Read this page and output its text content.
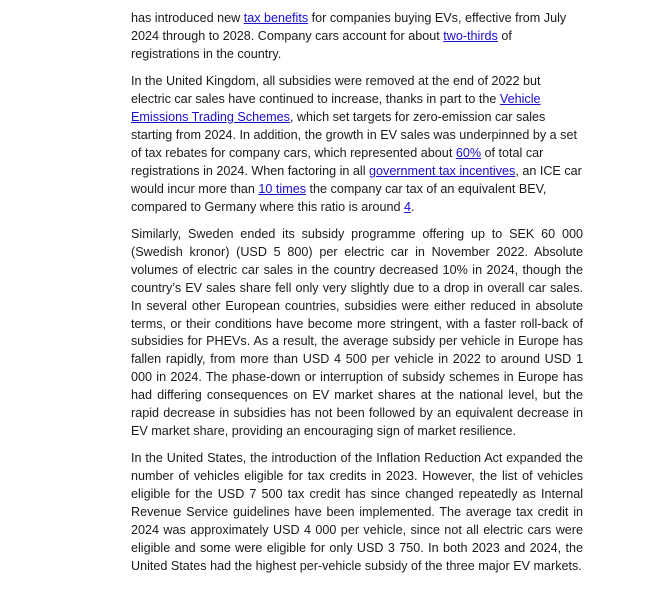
has introduced new tax benefits for companies buying EVs, effective from July 2024 through to 2028. Company cars account for about two-thirds of registrations in the country.

In the United Kingdom, all subsidies were removed at the end of 2022 but electric car sales have continued to increase, thanks in part to the Vehicle Emissions Trading Schemes, which set targets for zero-emission car sales starting from 2024. In addition, the growth in EV sales was underpinned by a set of tax rebates for company cars, which represented about 60% of total car registrations in 2024. When factoring in all government tax incentives, an ICE car would incur more than 10 times the company car tax of an equivalent BEV, compared to Germany where this ratio is around 4.

Similarly, Sweden ended its subsidy programme offering up to SEK 60 000 (Swedish kronor) (USD 5 800) per electric car in November 2022. Absolute volumes of electric car sales in the country decreased 10% in 2024, though the country’s EV sales share fell only very slightly due to a drop in overall car sales. In several other European countries, subsidies were either reduced in absolute terms, or their conditions have become more stringent, with a faster roll-back of subsidies for PHEVs. As a result, the average subsidy per vehicle in Europe has fallen rapidly, from more than USD 4 500 per vehicle in 2022 to around USD 1 000 in 2024. The phase-down or interruption of subsidy schemes in Europe has had differing consequences on EV market shares at the national level, but the rapid decrease in subsidies has not been followed by an equivalent decrease in EV market share, providing an encouraging sign of market resilience.

In the United States, the introduction of the Inflation Reduction Act expanded the number of vehicles eligible for tax credits in 2023. However, the list of vehicles eligible for the USD 7 500 tax credit has since changed repeatedly as Internal Revenue Service guidelines have been implemented. The average tax credit in 2024 was approximately USD 4 000 per vehicle, since not all electric cars were eligible and some were eligible for only USD 3 750. In both 2023 and 2024, the United States had the highest per-vehicle subsidy of the three major EV markets.
